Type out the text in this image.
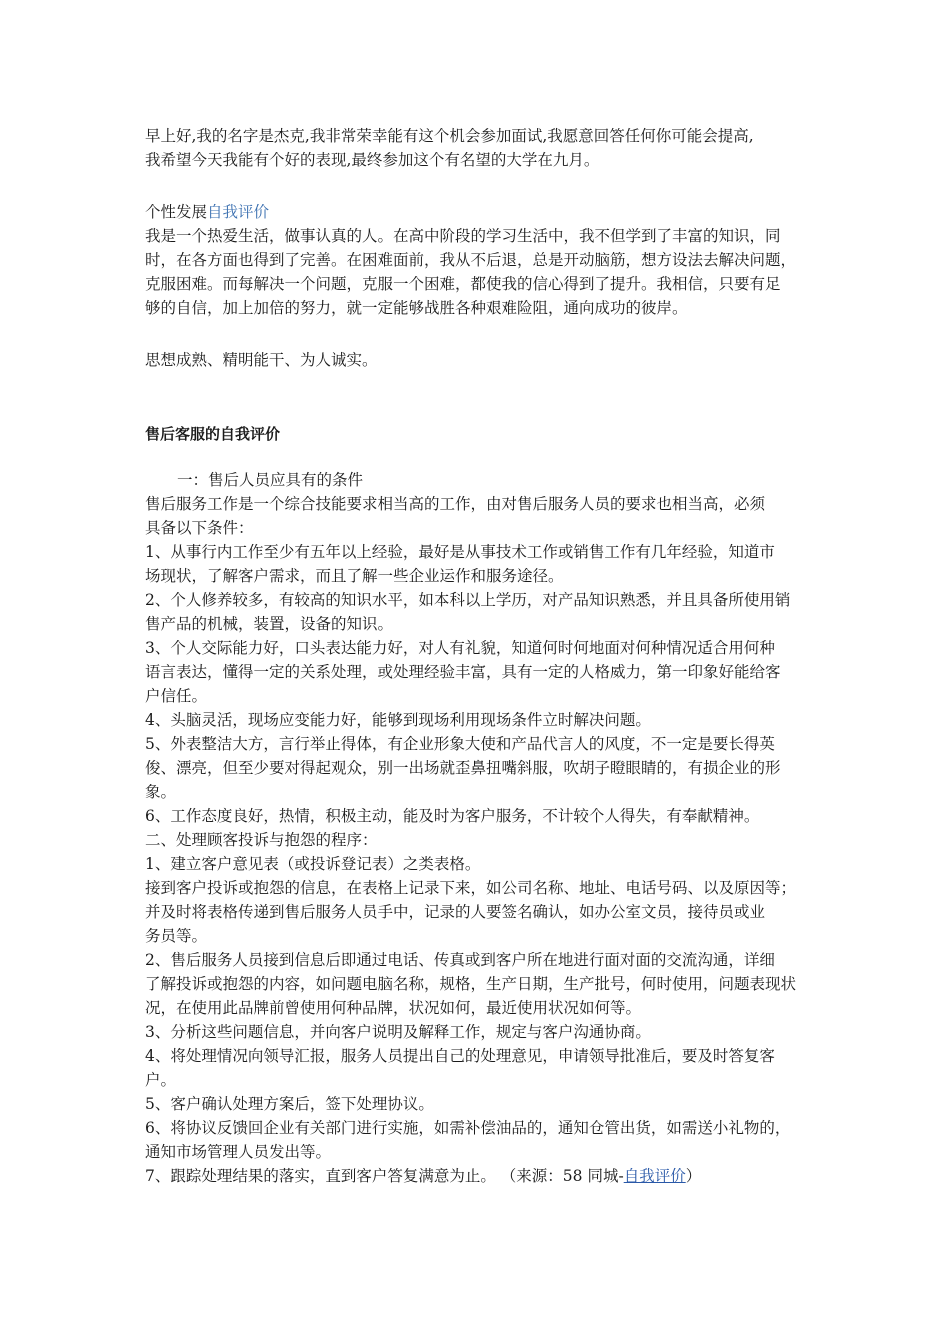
早上好,我的名字是杰克,我非常荣幸能有这个机会参加面试,我愿意回答任何你可能会提高,

我希望今天我能有个好的表现,最终参加这个有名望的大学在九月。

个性发展自我评价

我是一个热爱生活，做事认真的人。在高中阶段的学习生活中，我不但学到了丰富的知识，同

时，在各方面也得到了完善。在困难面前，我从不后退，总是开动脑筋，想方设法去解决问题，

克服困难。而每解决一个问题，克服一个困难，都使我的信心得到了提升。我相信，只要有足

够的自信，加上加倍的努力，就一定能够战胜各种艰难险阻，通向成功的彼岸。

思想成熟、精明能干、为人诚实。

售后客服的自我评价

一：售后人员应具有的条件

售后服务工作是一个综合技能要求相当高的工作，由对售后服务人员的要求也相当高，必须

具备以下条件：

1、从事行内工作至少有五年以上经验，最好是从事技术工作或销售工作有几年经验，知道市

场现状，了解客户需求，而且了解一些企业运作和服务途径。

2、个人修养较多，有较高的知识水平，如本科以上学历，对产品知识熟悉，并且具备所使用销

售产品的机械，装置，设备的知识。

3、个人交际能力好，口头表达能力好，对人有礼貌，知道何时何地面对何种情况适合用何种

语言表达，懂得一定的关系处理，或处理经验丰富，具有一定的人格威力，第一印象好能给客

户信任。

4、头脑灵活，现场应变能力好，能够到现场利用现场条件立时解决问题。

5、外表整洁大方，言行举止得体，有企业形象大使和产品代言人的风度，不一定是要长得英

俊、漂亮，但至少要对得起观众，别一出场就歪鼻扭嘴斜服，吹胡子瞪眼睛的，有损企业的形

象。

6、工作态度良好，热情，积极主动，能及时为客户服务，不计较个人得失，有奉献精神。

二、处理顾客投诉与抱怨的程序：

1、建立客户意见表（或投诉登记表）之类表格。

接到客户投诉或抱怨的信息，在表格上记录下来，如公司名称、地址、电话号码、以及原因等；

并及时将表格传递到售后服务人员手中，记录的人要签名确认，如办公室文员，接待员或业

务员等。

2、售后服务人员接到信息后即通过电话、传真或到客户所在地进行面对面的交流沟通，详细

了解投诉或抱怨的内容，如问题电脑名称，规格，生产日期，生产批号，何时使用，问题表现状

况，在使用此品牌前曾使用何种品牌，状况如何，最近使用状况如何等。

3、分析这些问题信息，并向客户说明及解释工作，规定与客户沟通协商。

4、将处理情况向领导汇报，服务人员提出自己的处理意见，申请领导批准后，要及时答复客

户。

5、客户确认处理方案后，签下处理协议。

6、将协议反馈回企业有关部门进行实施，如需补偿油品的，通知仓管出货，如需送小礼物的，

通知市场管理人员发出等。

7、跟踪处理结果的落实，直到客户答复满意为止。 （来源：58 同城-自我评价）
